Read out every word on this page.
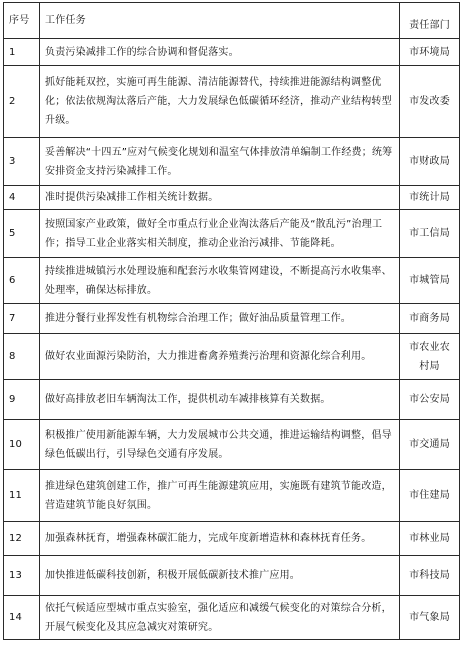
序号	工作任务	责任部门
1	负责污染减排工作的综合协调和督促落实。	市环境局
2	抓好能耗双控，实施可再生能源、清洁能源替代，持续推进能源结构调整优化；依法依规淘汰落后产能，大力发展绿色低碳循环经济，推动产业结构转型升级。	市发改委
3	妥善解决“十四五”应对气候变化规划和温室气体排放清单编制工作经费；统筹安排资金支持污染减排工作。	市财政局
4	准时提供污染减排工作相关统计数据。	市统计局
5	按照国家产业政策，做好全市重点行业企业淘汰落后产能及“散乱污”治理工作；指导工业企业落实相关制度，推动企业治污减排、节能降耗。	市工信局
6	持续推进城镇污水处理设施和配套污水收集管网建设，不断提高污水收集率、处理率，确保达标排放。	市城管局
7	推进分餐行业挥发性有机物综合治理工作；做好油品质量管理工作。	市商务局
8	做好农业面源污染防治，大力推进畜禽养殖粪污治理和资源化综合利用。	市农业农村局
9	做好高排放老旧车辆淘汰工作，提供机动车减排核算有关数据。	市公安局
10	积极推广使用新能源车辆，大力发展城市公共交通，推进运输结构调整，倡导绿色低碳出行，引导绿色交通有序发展。	市交通局
11	推进绿色建筑创建工作，推广可再生能源建筑应用，实施既有建筑节能改造，营造建筑节能良好氛围。	市住建局
12	加强森林抚育，增强森林碳汇能力，完成年度新增造林和森林抚育任务。	市林业局
13	加快推进低碳科技创新，积极开展低碳新技术推广应用。	市科技局
14	依托气候适应型城市重点实验室，强化适应和减缓气候变化的对策综合分析，开展气候变化及其应急减灾对策研究。	市气象局
